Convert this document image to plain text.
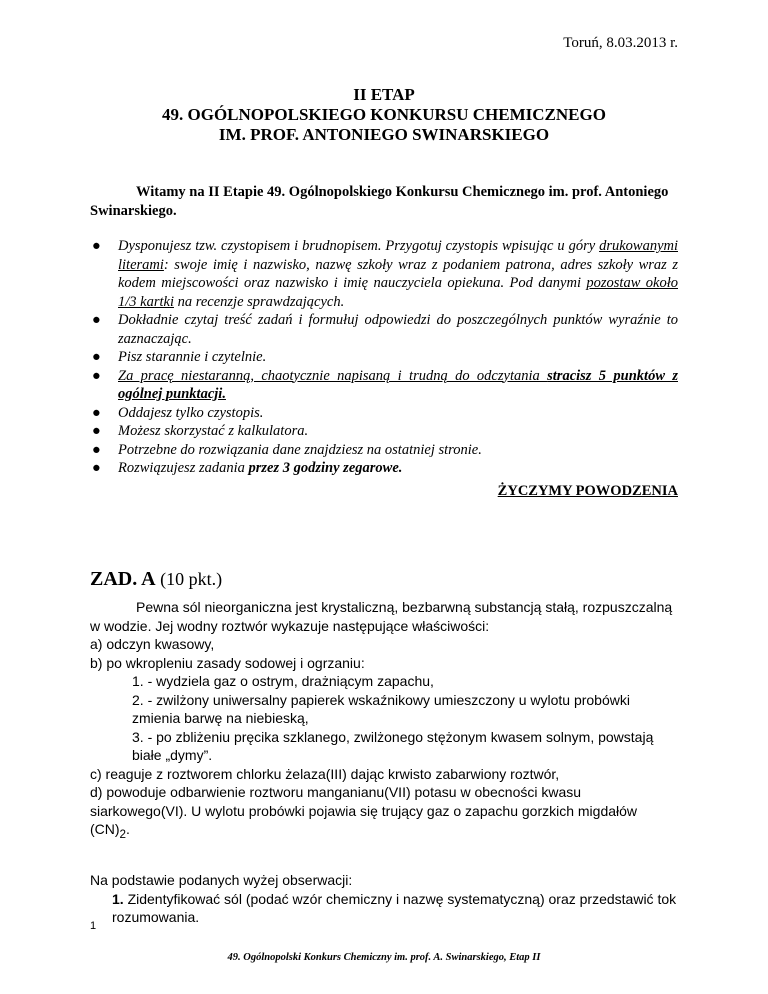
Toruń, 8.03.2013 r.
II ETAP
49. OGÓLNOPOLSKIEGO KONKURSU CHEMICZNEGO
IM. PROF. ANTONIEGO SWINARSKIEGO
Witamy na II Etapie 49. Ogólnopolskiego Konkursu Chemicznego im. prof. Antoniego Swinarskiego.
● Dysponujesz tzw. czystopisem i brudnopisem. Przygotuj czystopis wpisując u góry drukowanymi literami: swoje imię i nazwisko, nazwę szkoły wraz z podaniem patrona, adres szkoły wraz z kodem miejscowości oraz nazwisko i imię nauczyciela opiekuna. Pod danymi pozostaw około 1/3 kartki na recenzje sprawdzających.
● Dokładnie czytaj treść zadań i formułuj odpowiedzi do poszczególnych punktów wyraźnie to zaznaczając.
● Pisz starannie i czytelnie.
● Za pracę niestaranną, chaotycznie napisaną i trudną do odczytania stracisz 5 punktów z ogólnej punktacji.
● Oddajesz tylko czystopis.
● Możesz skorzystać z kalkulatora.
● Potrzebne do rozwiązania dane znajdziesz na ostatniej stronie.
● Rozwiązujesz zadania przez 3 godziny zegarowe.
ŻYCZYMY POWODZENIA
ZAD. A (10 pkt.)

Pewna sól nieorganiczna jest krystaliczną, bezbarwną substancją stałą, rozpuszczalną w wodzie. Jej wodny roztwór wykazuje następujące właściwości:

a) odczyn kwasowy,

b) po wkropleniu zasady sodowej i ogrzaniu:

1. - wydziela gaz o ostrym, drażniącym zapachu,

2. - zwilżony uniwersalny papierek wskaźnikowy umieszczony u wylotu probówki zmienia barwę na niebieską,

3. - po zbliżeniu pręcika szklanego, zwilżonego stężonym kwasem solnym, powstają białe „dymy”.

c) reaguje z roztworem chlorku żelaza(III) dając krwisto zabarwiony roztwór,

d) powoduje odbarwienie roztworu manganianu(VII) potasu w obecności kwasu siarkowego(VI). U wylotu probówki pojawia się trujący gaz o zapachu gorzkich migdałów $(CN)_2$.

Na podstawie podanych wyżej obserwacji:

1. Zidentyfikować sól (podać wzór chemiczny i nazwę systematyczną) oraz przedstawić tok rozumowania.

1
49. Ogólnopolski Konkurs Chemiczny im. prof. A. Swinarskiego, Etap II
